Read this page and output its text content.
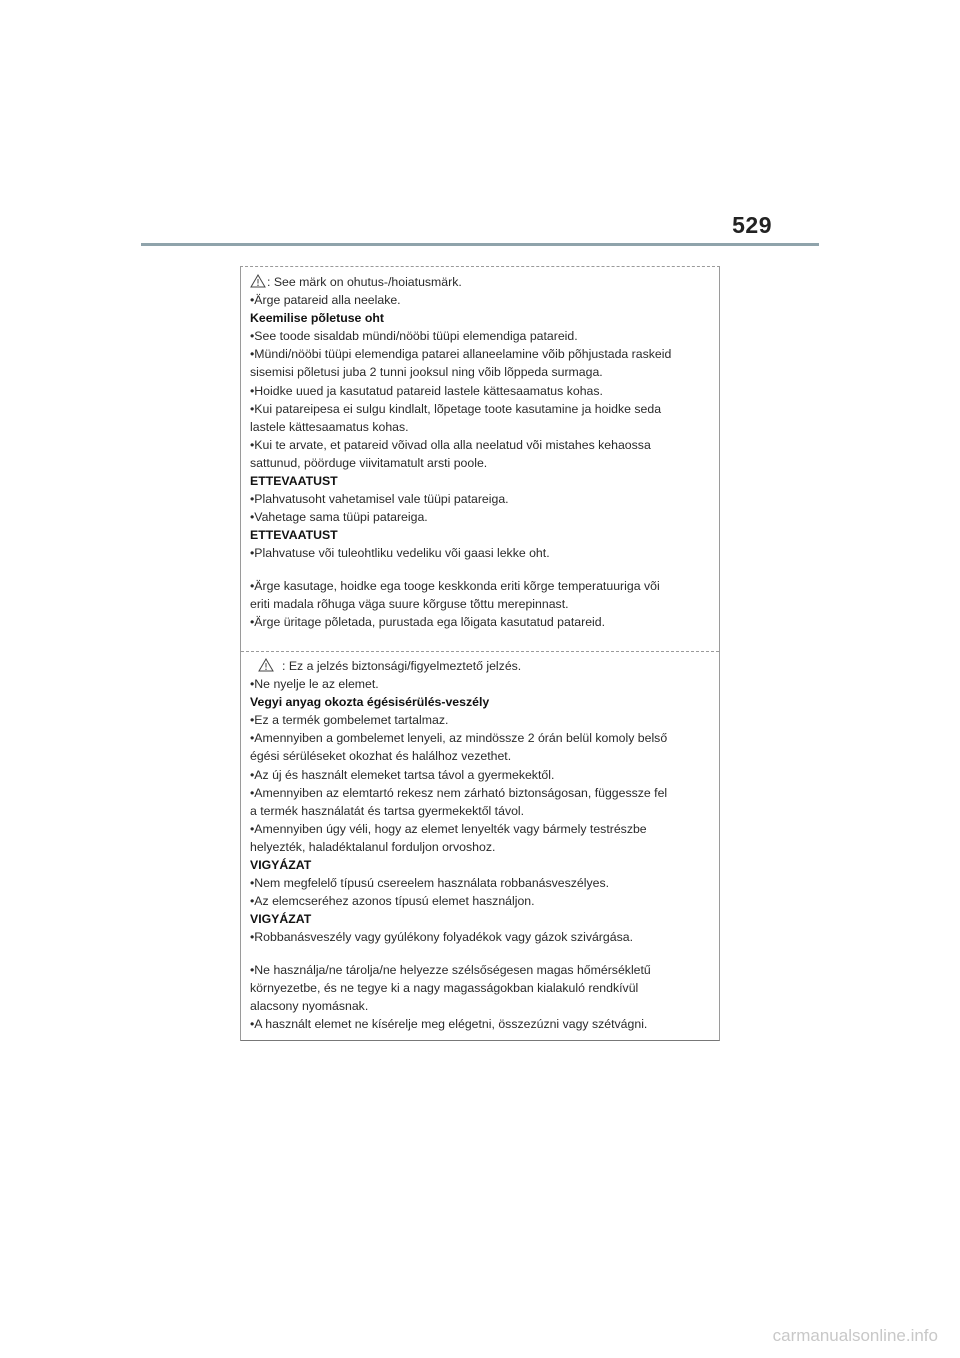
529
: See märk on ohutus-/hoiatusmärk.
•Ärge patareid alla neelake.
Keemilise põletuse oht
•See toode sisaldab mündi/nööbi tüüpi elemendiga patareid.
•Mündi/nööbi tüüpi elemendiga patarei allaneelamine võib põhjustada raskeid
sisemisi põletusi juba 2 tunni jooksul ning võib lõppeda surmaga.
•Hoidke uued ja kasutatud patareid lastele kättesaamatus kohas.
•Kui patareipesa ei sulgu kindlalt, lõpetage toote kasutamine ja hoidke seda
lastele kättesaamatus kohas.
•Kui te arvate, et patareid võivad olla alla neelatud või mistahes kehaossa
sattunud, pöörduge viivitamatult arsti poole.
ETTEVAATUST
•Plahvatusoht vahetamisel vale tüüpi patareiga.
•Vahetage sama tüüpi patareiga.
ETTEVAATUST
•Plahvatuse või tuleohtliku vedeliku või gaasi lekke oht.
•Ärge kasutage, hoidke ega tooge keskkonda eriti kõrge temperatuuriga või
eriti madala rõhuga väga suure kõrguse tõttu merepinnast.
•Ärge üritage põletada, purustada ega lõigata kasutatud patareid.
: Ez a jelzés biztonsági/figyelmeztető jelzés.
•Ne nyelje le az elemet.
Vegyi anyag okozta égésisérülés-veszély
•Ez a termék gombelemet tartalmaz.
•Amennyiben a gombelemet lenyeli, az mindössze 2 órán belül komoly belső
égési sérüléseket okozhat és halálhoz vezethet.
•Az új és használt elemeket tartsa távol a gyermekektől.
•Amennyiben az elemtartó rekesz nem zárható biztonságosan, függessze fel
a termék használatát és tartsa gyermekektől távol.
•Amennyiben úgy véli, hogy az elemet lenyelték vagy bármely testrészbe
helyezték, haladéktalanul forduljon orvoshoz.
VIGYÁZAT
•Nem megfelelő típusú csereelem használata robbanásveszélyes.
•Az elemcseréhez azonos típusú elemet használjon.
VIGYÁZAT
•Robbanásveszély vagy gyúlékony folyadékok vagy gázok szivárgása.
•Ne használja/ne tárolja/ne helyezze szélsőségesen magas hőmérsékletű
környezetbe, és ne tegye ki a nagy magasságokban kialakuló rendkívül
alacsony nyomásnak.
•A használt elemet ne kísérelje meg elégetni, összezúzni vagy szétvágni.
carmanualsonline.info
